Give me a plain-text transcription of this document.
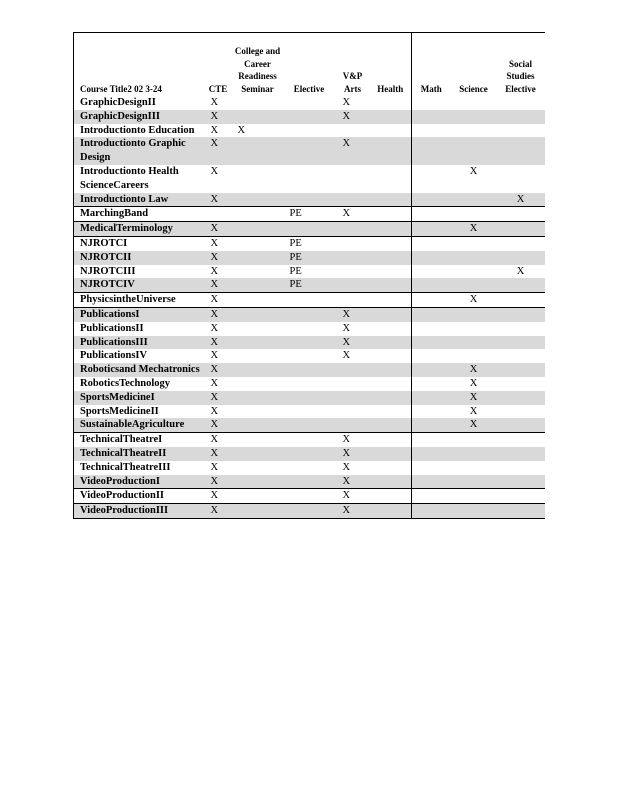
Course Title2 02 3-24	CTE	College and Career Readiness Seminar	Elective	V&P Arts	Health	Math	Science	Social Studies Elective
GraphicDesignII	X			X				
GraphicDesignIII	X			X				
Introductionto Education	X	X						
Introductionto Graphic Design	X			X				
Introductionto Health ScienceCareers	X						X	
Introductionto Law	X							X
MarchingBand			PE	X				
MedicalTerminology	X						X	
NJROTCI	X		PE					
NJROTCII	X		PE					
NJROTCIII	X		PE					X
NJROTCIV	X		PE					
PhysicsintheUniverse	X						X	
PublicationsI	X			X				
PublicationsII	X			X				
PublicationsIII	X			X				
PublicationsIV	X			X				
Roboticsand Mechatronics	X						X	
RoboticsTechnology	X						X	
SportsMedicineI	X						X	
SportsMedicineII	X						X	
SustainableAgriculture	X						X	
TechnicalTheatreI	X			X				
TechnicalTheatreII	X			X				
TechnicalTheatreIII	X			X				
VideoProductionI	X			X				
VideoProductionII	X			X				
VideoProductionIII	X			X				
